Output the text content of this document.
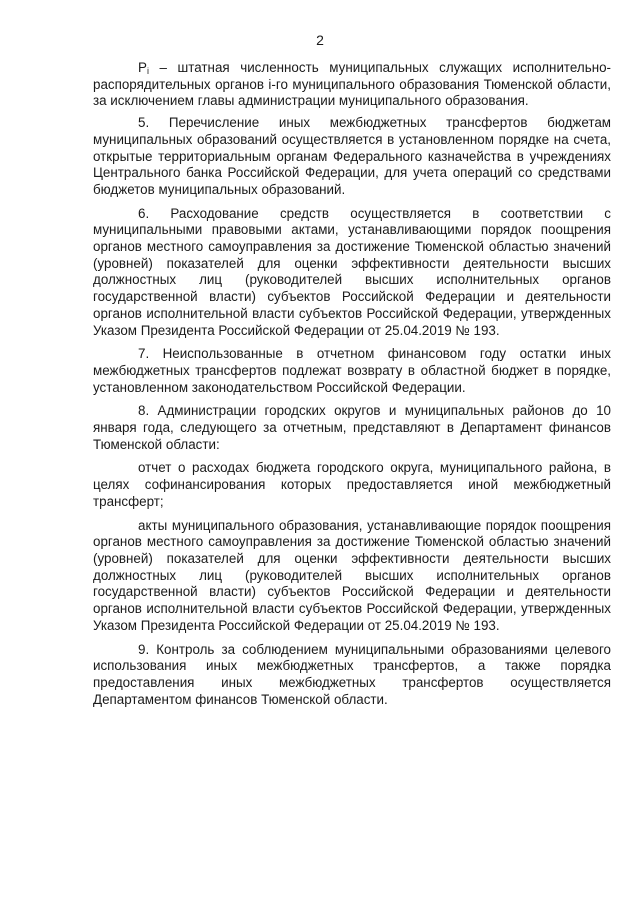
2

$P_i$ – штатная численность муниципальных служащих исполнительно-распорядительных органов i-го муниципального образования Тюменской области, за исключением главы администрации муниципального образования.

5. Перечисление иных межбюджетных трансфертов бюджетам муниципальных образований осуществляется в установленном порядке на счета, открытые территориальным органам Федерального казначейства в учреждениях Центрального банка Российской Федерации, для учета операций со средствами бюджетов муниципальных образований.

6. Расходование средств осуществляется в соответствии с муниципальными правовыми актами, устанавливающими порядок поощрения органов местного самоуправления за достижение Тюменской областью значений (уровней) показателей для оценки эффективности деятельности высших должностных лиц (руководителей высших исполнительных органов государственной власти) субъектов Российской Федерации и деятельности органов исполнительной власти субъектов Российской Федерации, утвержденных Указом Президента Российской Федерации от 25.04.2019 № 193.

7. Неиспользованные в отчетном финансовом году остатки иных межбюджетных трансфертов подлежат возврату в областной бюджет в порядке, установленном законодательством Российской Федерации.

8. Администрации городских округов и муниципальных районов до 10 января года, следующего за отчетным, представляют в Департамент финансов Тюменской области:

отчет о расходах бюджета городского округа, муниципального района, в целях софинансирования которых предоставляется иной межбюджетный трансферт;

акты муниципального образования, устанавливающие порядок поощрения органов местного самоуправления за достижение Тюменской областью значений (уровней) показателей для оценки эффективности деятельности высших должностных лиц (руководителей высших исполнительных органов государственной власти) субъектов Российской Федерации и деятельности органов исполнительной власти субъектов Российской Федерации, утвержденных Указом Президента Российской Федерации от 25.04.2019 № 193.

9. Контроль за соблюдением муниципальными образованиями целевого использования иных межбюджетных трансфертов, а также порядка предоставления иных межбюджетных трансфертов осуществляется Департаментом финансов Тюменской области.
